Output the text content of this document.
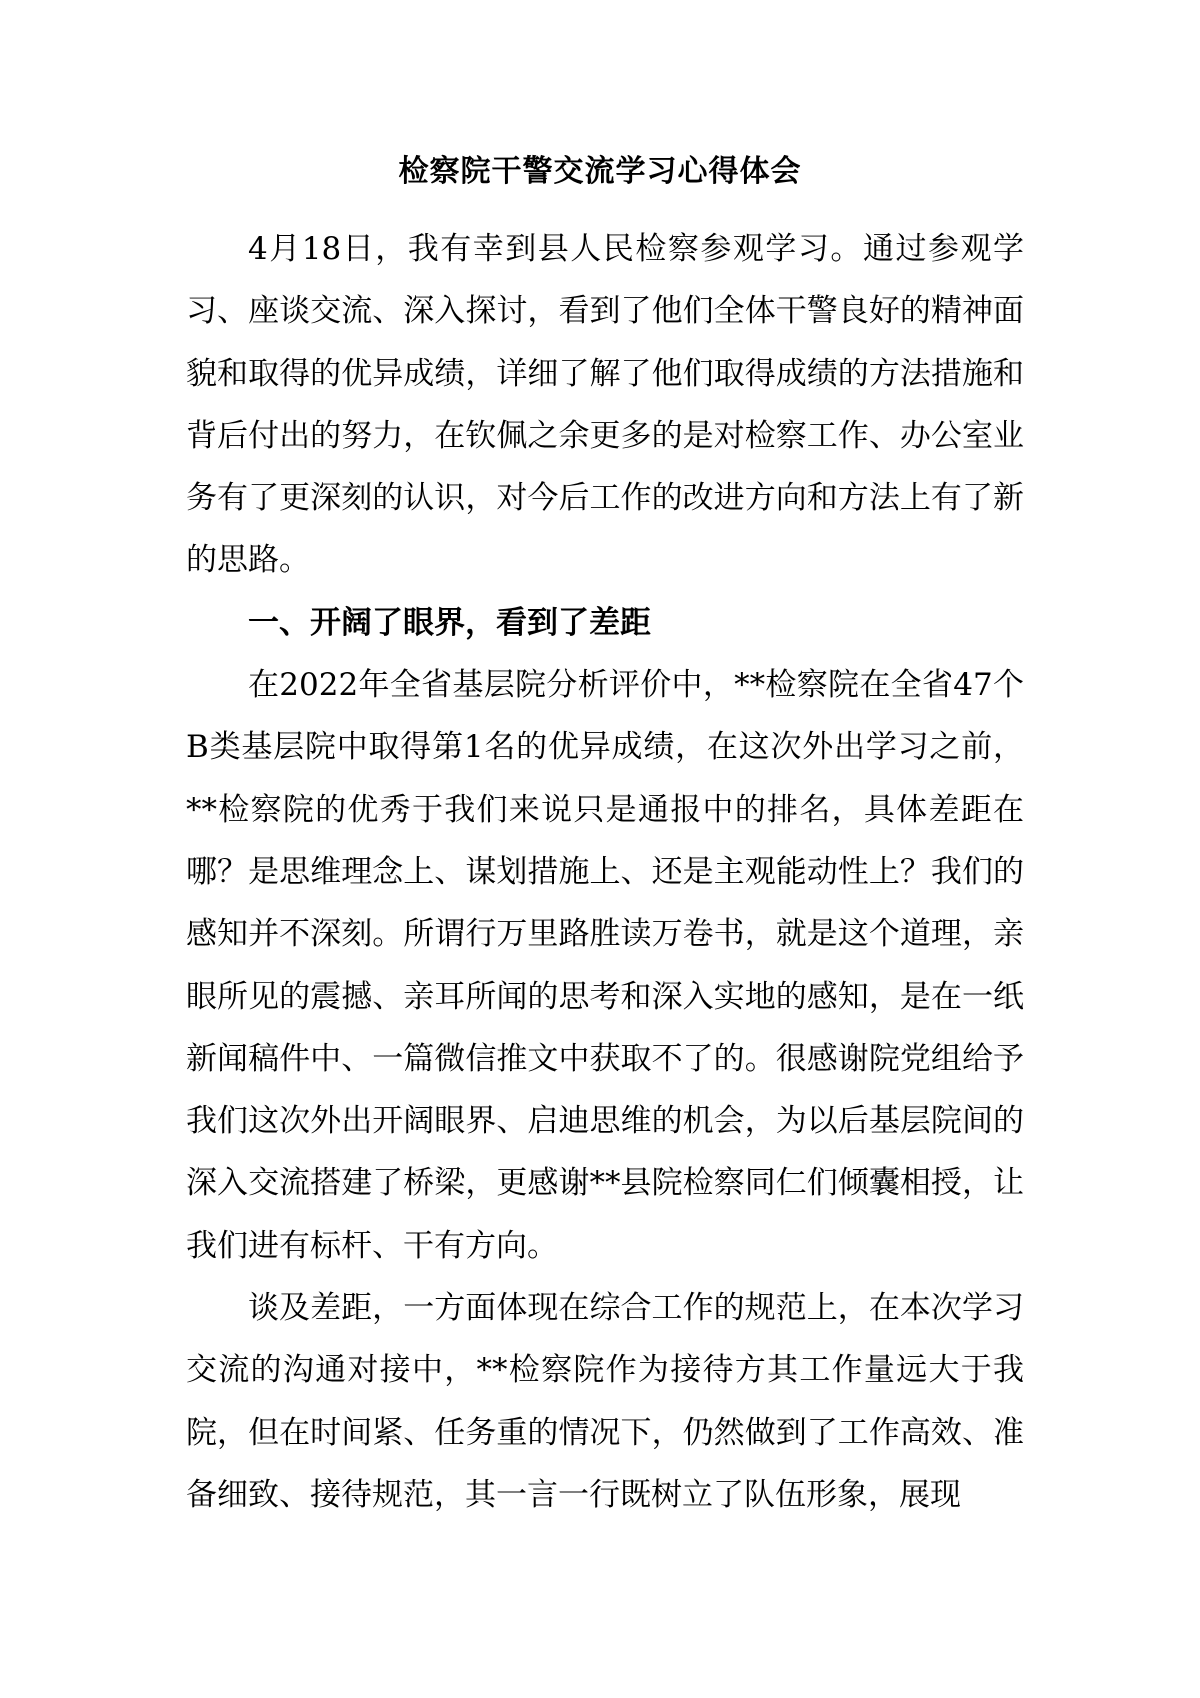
检察院干警交流学习心得体会

4月18日，我有幸到县人民检察参观学习。通过参观学习、座谈交流、深入探讨，看到了他们全体干警良好的精神面貌和取得的优异成绩，详细了解了他们取得成绩的方法措施和背后付出的努力，在钦佩之余更多的是对检察工作、办公室业务有了更深刻的认识，对今后工作的改进方向和方法上有了新的思路。

一、开阔了眼界，看到了差距

在2022年全省基层院分析评价中，**检察院在全省47个B类基层院中取得第1名的优异成绩，在这次外出学习之前，**检察院的优秀于我们来说只是通报中的排名，具体差距在哪？是思维理念上、谋划措施上、还是主观能动性上？我们的感知并不深刻。所谓行万里路胜读万卷书，就是这个道理，亲眼所见的震撼、亲耳所闻的思考和深入实地的感知，是在一纸新闻稿件中、一篇微信推文中获取不了的。很感谢院党组给予我们这次外出开阔眼界、启迪思维的机会，为以后基层院间的深入交流搭建了桥梁，更感谢**县院检察同仁们倾囊相授，让我们进有标杆、干有方向。

谈及差距，一方面体现在综合工作的规范上，在本次学习交流的沟通对接中，**检察院作为接待方其工作量远大于我院，但在时间紧、任务重的情况下，仍然做到了工作高效、准备细致、接待规范，其一言一行既树立了队伍形象，展现
